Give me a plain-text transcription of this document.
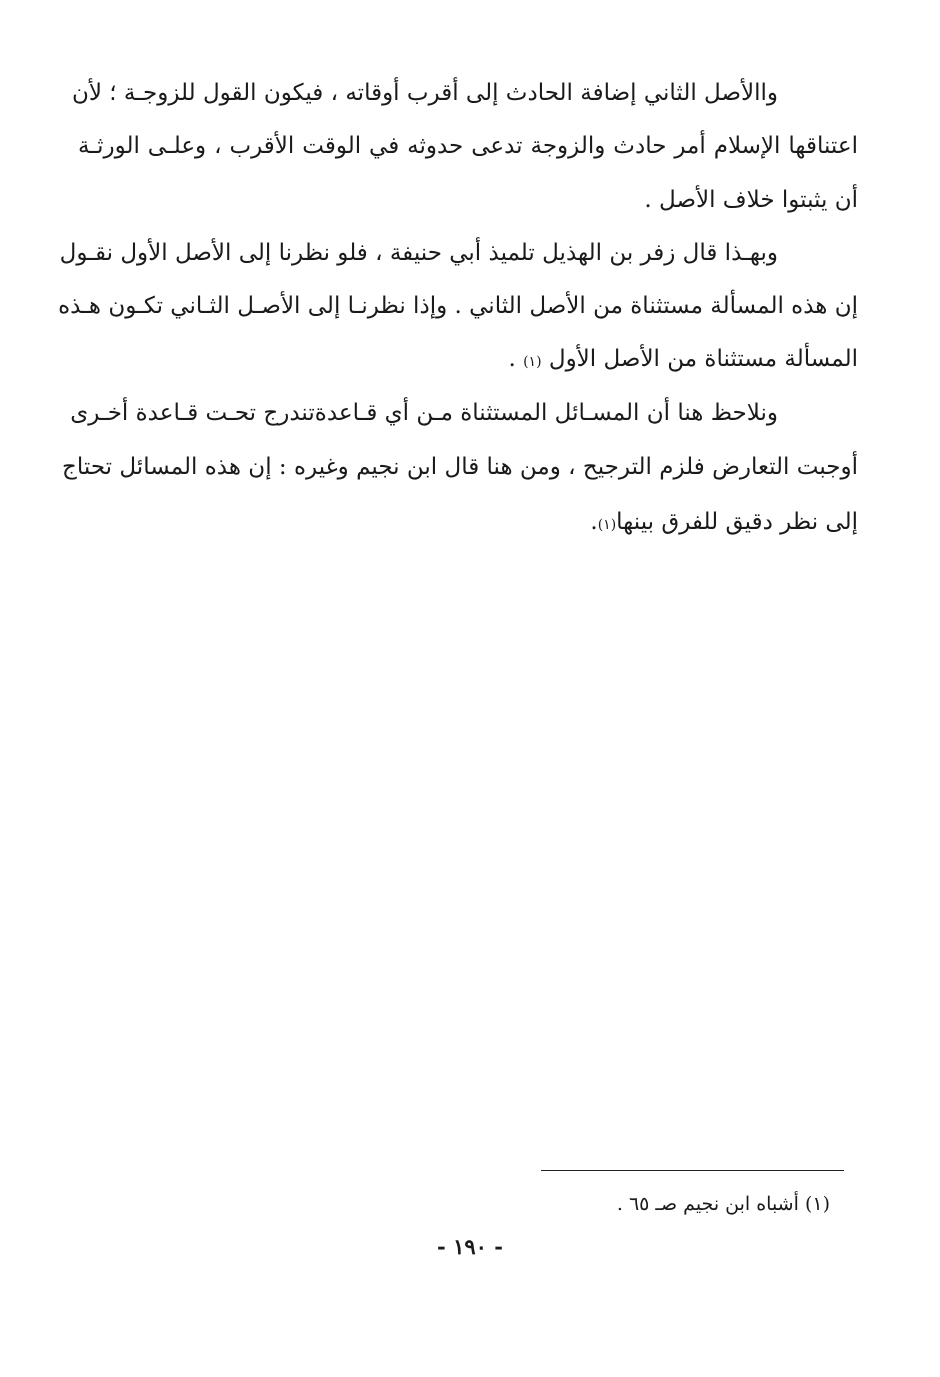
واالأصل الثاني إضافة الحادث إلى أقرب أوقاته ، فيكون القول للزوجـة ؛ لأن
اعتناقها الإسلام أمر حادث والزوجة تدعى حدوثه في الوقت الأقرب ، وعلـى الورثـة
أن يثبتوا خلاف الأصل .
وبهـذا قال زفر بن الهذيل تلميذ أبي حنيفة ، فلو نظرنا إلى الأصل الأول نقـول
إن هذه المسألة مستثناة من الأصل الثاني . وإذا نظرنـا إلى الأصـل الثـاني تكـون هـذه
المسألة مستثناة من الأصل الأول (١) .
ونلاحظ هنا أن المسـائل المستثناة مـن أي قـاعدةتندرج تحـت قـاعدة أخـرى
أوجبت التعارض فلزم الترجيح ، ومن هنا قال ابن نجيم وغيره : إن هذه المسائل تحتاج
إلى نظر دقيق للفرق بينها(١).
(١) أشباه ابن نجيم صـ ٦٥ .
- ١٩٠ -
